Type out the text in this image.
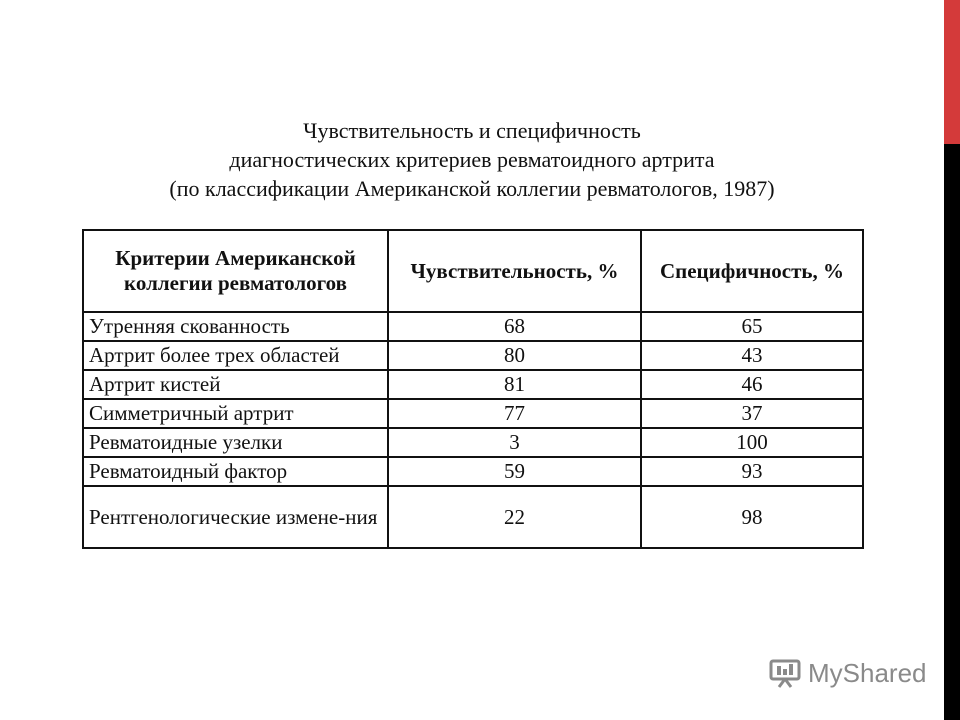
Чувствительность и специфичность
диагностических критериев ревматоидного артрита
(по классификации Американской коллегии ревматологов, 1987)
Критерии Американской коллегии ревматологов	Чувствительность, %	Специфичность, %
Утренняя скованность	68	65
Артрит более трех областей	80	43
Артрит кистей	81	46
Симметричный артрит	77	37
Ревматоидные узелки	3	100
Ревматоидный фактор	59	93
Рентгенологические измене-ния	22	98
MyShared
